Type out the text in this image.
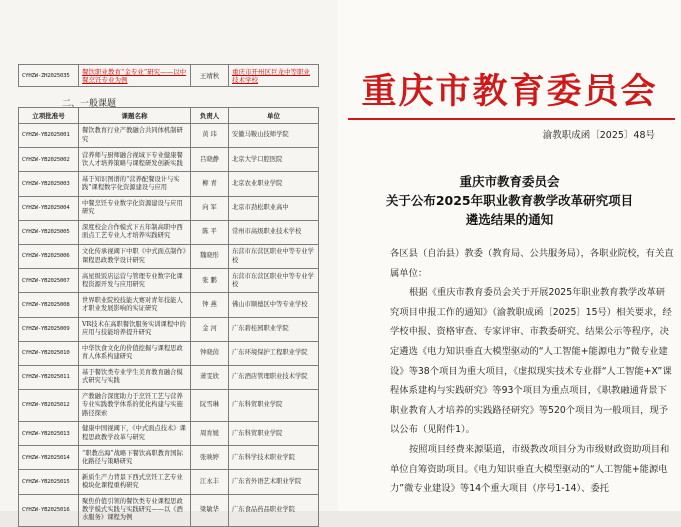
CYHZW-ZH2025035	餐饮职业教育“金专业”研究——以中餐烹饪专业为例	王靖秋	重庆市开州区巨龙中等职业技术学校
二、一般课题
立项批准号	课题名称	负责人	单位
CYHZW-YB2025001	餐饮教育行业产教融合共同体机制研究	黄 玮	安徽马鞍山技师学院
CYHZW-YB2025002	营养师与厨师融合视域下专业健康餐饮人才培养策略与课程研发创新实践	吕晓静	北京大学口腔医院
CYHZW-YB2025003	基于知识图谱的“营养配餐设计与实践”课程数字化资源建设与应用	柳 青	北京农业职业学院
CYHZW-YB2025004	中餐烹饪专业数字化资源建设与应用研究	向 军	北京市劲松职业高中
CYHZW-YB2025005	深度校企合作模式下五年制高职中西面点工艺专业人才培养实践研究	陈 平	常州市高级职业技术学校
CYHZW-YB2025006	文化传承视阈下中职《中式面点制作》课程思政教学设计研究	魏晓彤	东营市东营区职业中等专业学校
CYHZW-YB2025007	高星级饭店运营与管理专业数字化课程资源开发与应用研究	张 鹏	东营市东营区职业中等专业学校
CYHZW-YB2025008	世界职业院校技能大赛对青年技能人才职业发展影响的实证研究	钟 燕	佛山市顺德区中等专业学校
CYHZW-YB2025009	VR技术在高职餐饮服务实训课程中的应用与技能培养提升研究	金 河	广东碧桂园职业学院
CYHZW-YB2025010	中华饮食文化的价值挖掘与课程思政育人体系构建研究	钟晓茵	广东环境保护工程职业学院
CYHZW-YB2025011	基于餐饮类专业学生美育教育融合模式研究与实践	萧雯欣	广东酒店管理职业技术学院
CYHZW-YB2025012	产教融合深度助力于烹饪工艺与营养专业实践教学体系的优化构建与实施路径探索	阮雪琳	广东科贸职业学院
CYHZW-YB2025013	健康中国视阈下，《中式面点技术》课程思政教学改革与研究	周育媛	广东科贸职业学院
CYHZW-YB2025014	“职教出海”战略下餐饮高职教育国际化路径与策略研究	张映婷	广东科学技术职业学院
CYHZW-YB2025015	新质生产力背景下西式烹饪工艺专业模块化课程重构研究	江永丰	广东省外语艺术职业学院
CYHZW-YB2025016	聚焦价值引领的餐饮类专业课程思政教学模式实践与实践研究——以《酒水服务》课程为例	梁敏华	广东食品药品职业学院
重庆市教育委员会
渝教职成函〔2025〕48号
重庆市教育委员会
关于公布2025年职业教育教学改革研究项目
遴选结果的通知

各区县（自治县）教委（教育局、公共服务局），各职业院校，有关直属单位：

根据《重庆市教育委员会关于开展2025年职业教育教学改革研究项目申报工作的通知》（渝教职成函〔2025〕15号）相关要求，经学校申报、资格审查、专家评审、市教委研究、结果公示等程序，决定遴选《电力知识垂直大模型驱动的“人工智能+能源电力”微专业建设》等38个项目为重大项目，《虚拟现实技术专业群“人工智能+X”课程体系建构与实践研究》等93个项目为重点项目，《职教融通背景下职业教育人才培养的实践路径研究》等520个项目为一般项目，现予以公布（见附件1）。

按照项目经费来源渠道，市级教改项目分为市级财政资助项目和单位自筹资助项目。《电力知识垂直大模型驱动的“人工智能+能源电力”微专业建设》等14个重大项目（序号1-14）、委托
